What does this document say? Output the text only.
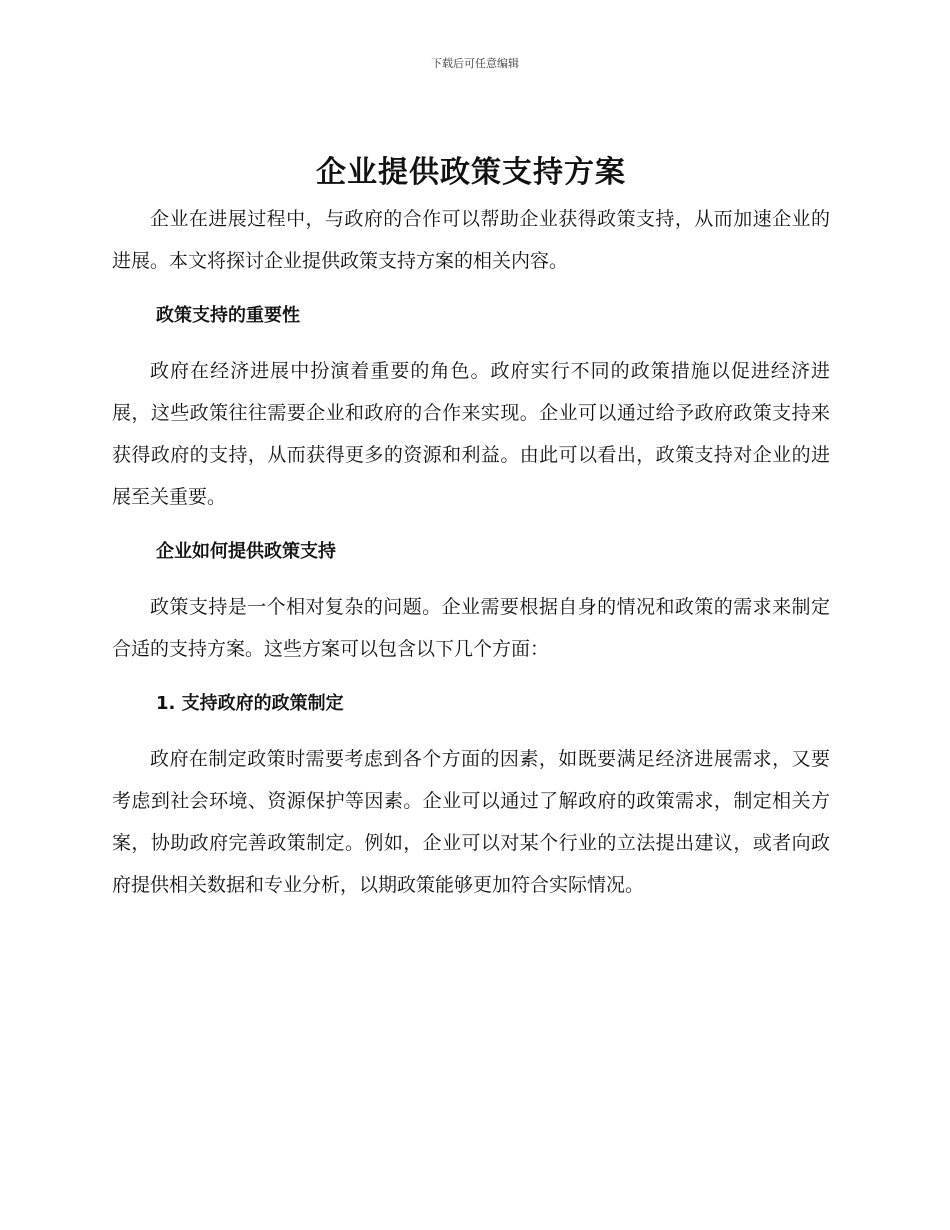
下载后可任意编辑
企业提供政策支持方案

企业在进展过程中，与政府的合作可以帮助企业获得政策支持，从而加速企业的进展。本文将探讨企业提供政策支持方案的相关内容。

政策支持的重要性

政府在经济进展中扮演着重要的角色。政府实行不同的政策措施以促进经济进展，这些政策往往需要企业和政府的合作来实现。企业可以通过给予政府政策支持来获得政府的支持，从而获得更多的资源和利益。由此可以看出，政策支持对企业的进展至关重要。

企业如何提供政策支持

政策支持是一个相对复杂的问题。企业需要根据自身的情况和政策的需求来制定合适的支持方案。这些方案可以包含以下几个方面：

1. 支持政府的政策制定

政府在制定政策时需要考虑到各个方面的因素，如既要满足经济进展需求，又要考虑到社会环境、资源保护等因素。企业可以通过了解政府的政策需求，制定相关方案，协助政府完善政策制定。例如，企业可以对某个行业的立法提出建议，或者向政府提供相关数据和专业分析，以期政策能够更加符合实际情况。
